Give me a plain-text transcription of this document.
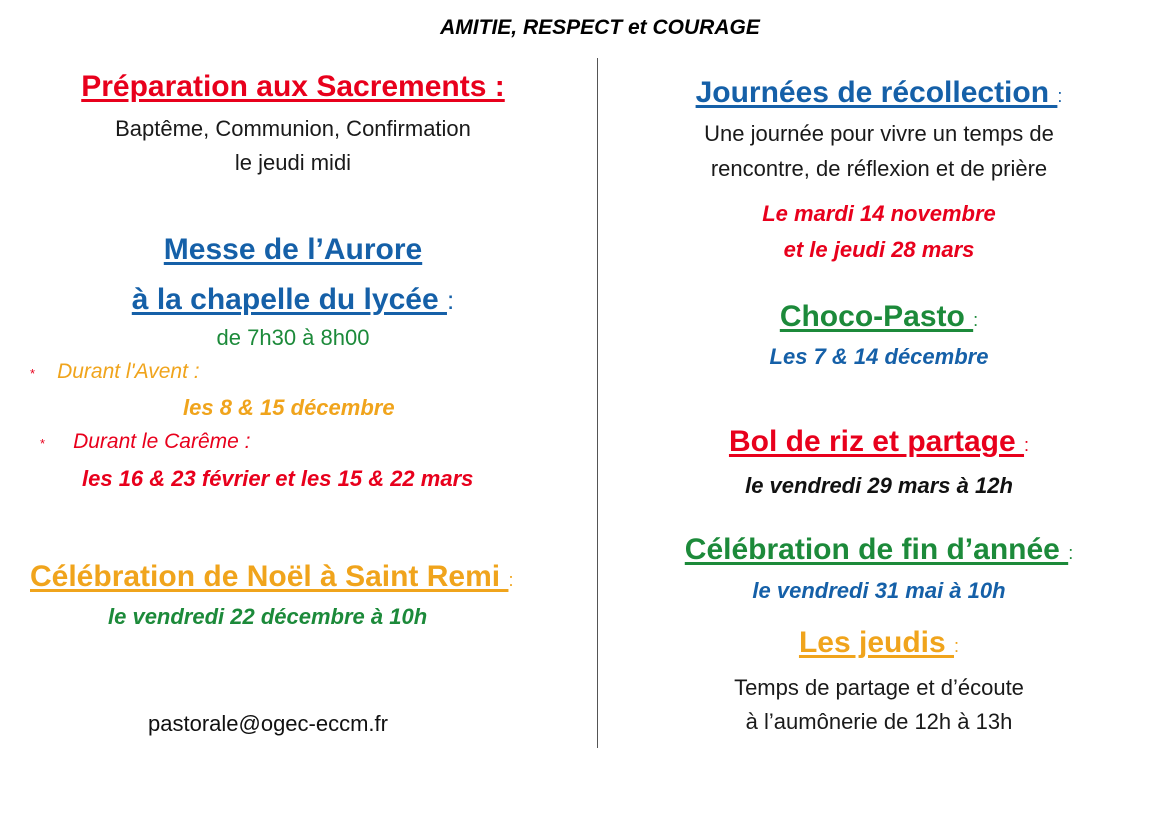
AMITIE, RESPECT et COURAGE
Préparation aux Sacrements :
Baptême, Communion, Confirmation
le jeudi midi
Messe de l’Aurore
à la chapelle du lycée :
de 7h30 à 8h00
* Durant l'Avent :
les 8 & 15 décembre
* Durant le Carême :
les 16 & 23 février et les 15 & 22 mars
Célébration de Noël à Saint Remi :
le vendredi 22 décembre à 10h
pastorale@ogec-eccm.fr
Journées de récollection :
Une journée pour vivre un temps de
rencontre, de réflexion et de prière
Le mardi 14 novembre
et le jeudi 28 mars
Choco-Pasto :
Les 7 & 14 décembre
Bol de riz et partage :
le vendredi 29 mars à 12h
Célébration de fin d’année :
le vendredi 31 mai à 10h
Les jeudis :
Temps de partage et d’écoute
à l’aumônerie de 12h à 13h
